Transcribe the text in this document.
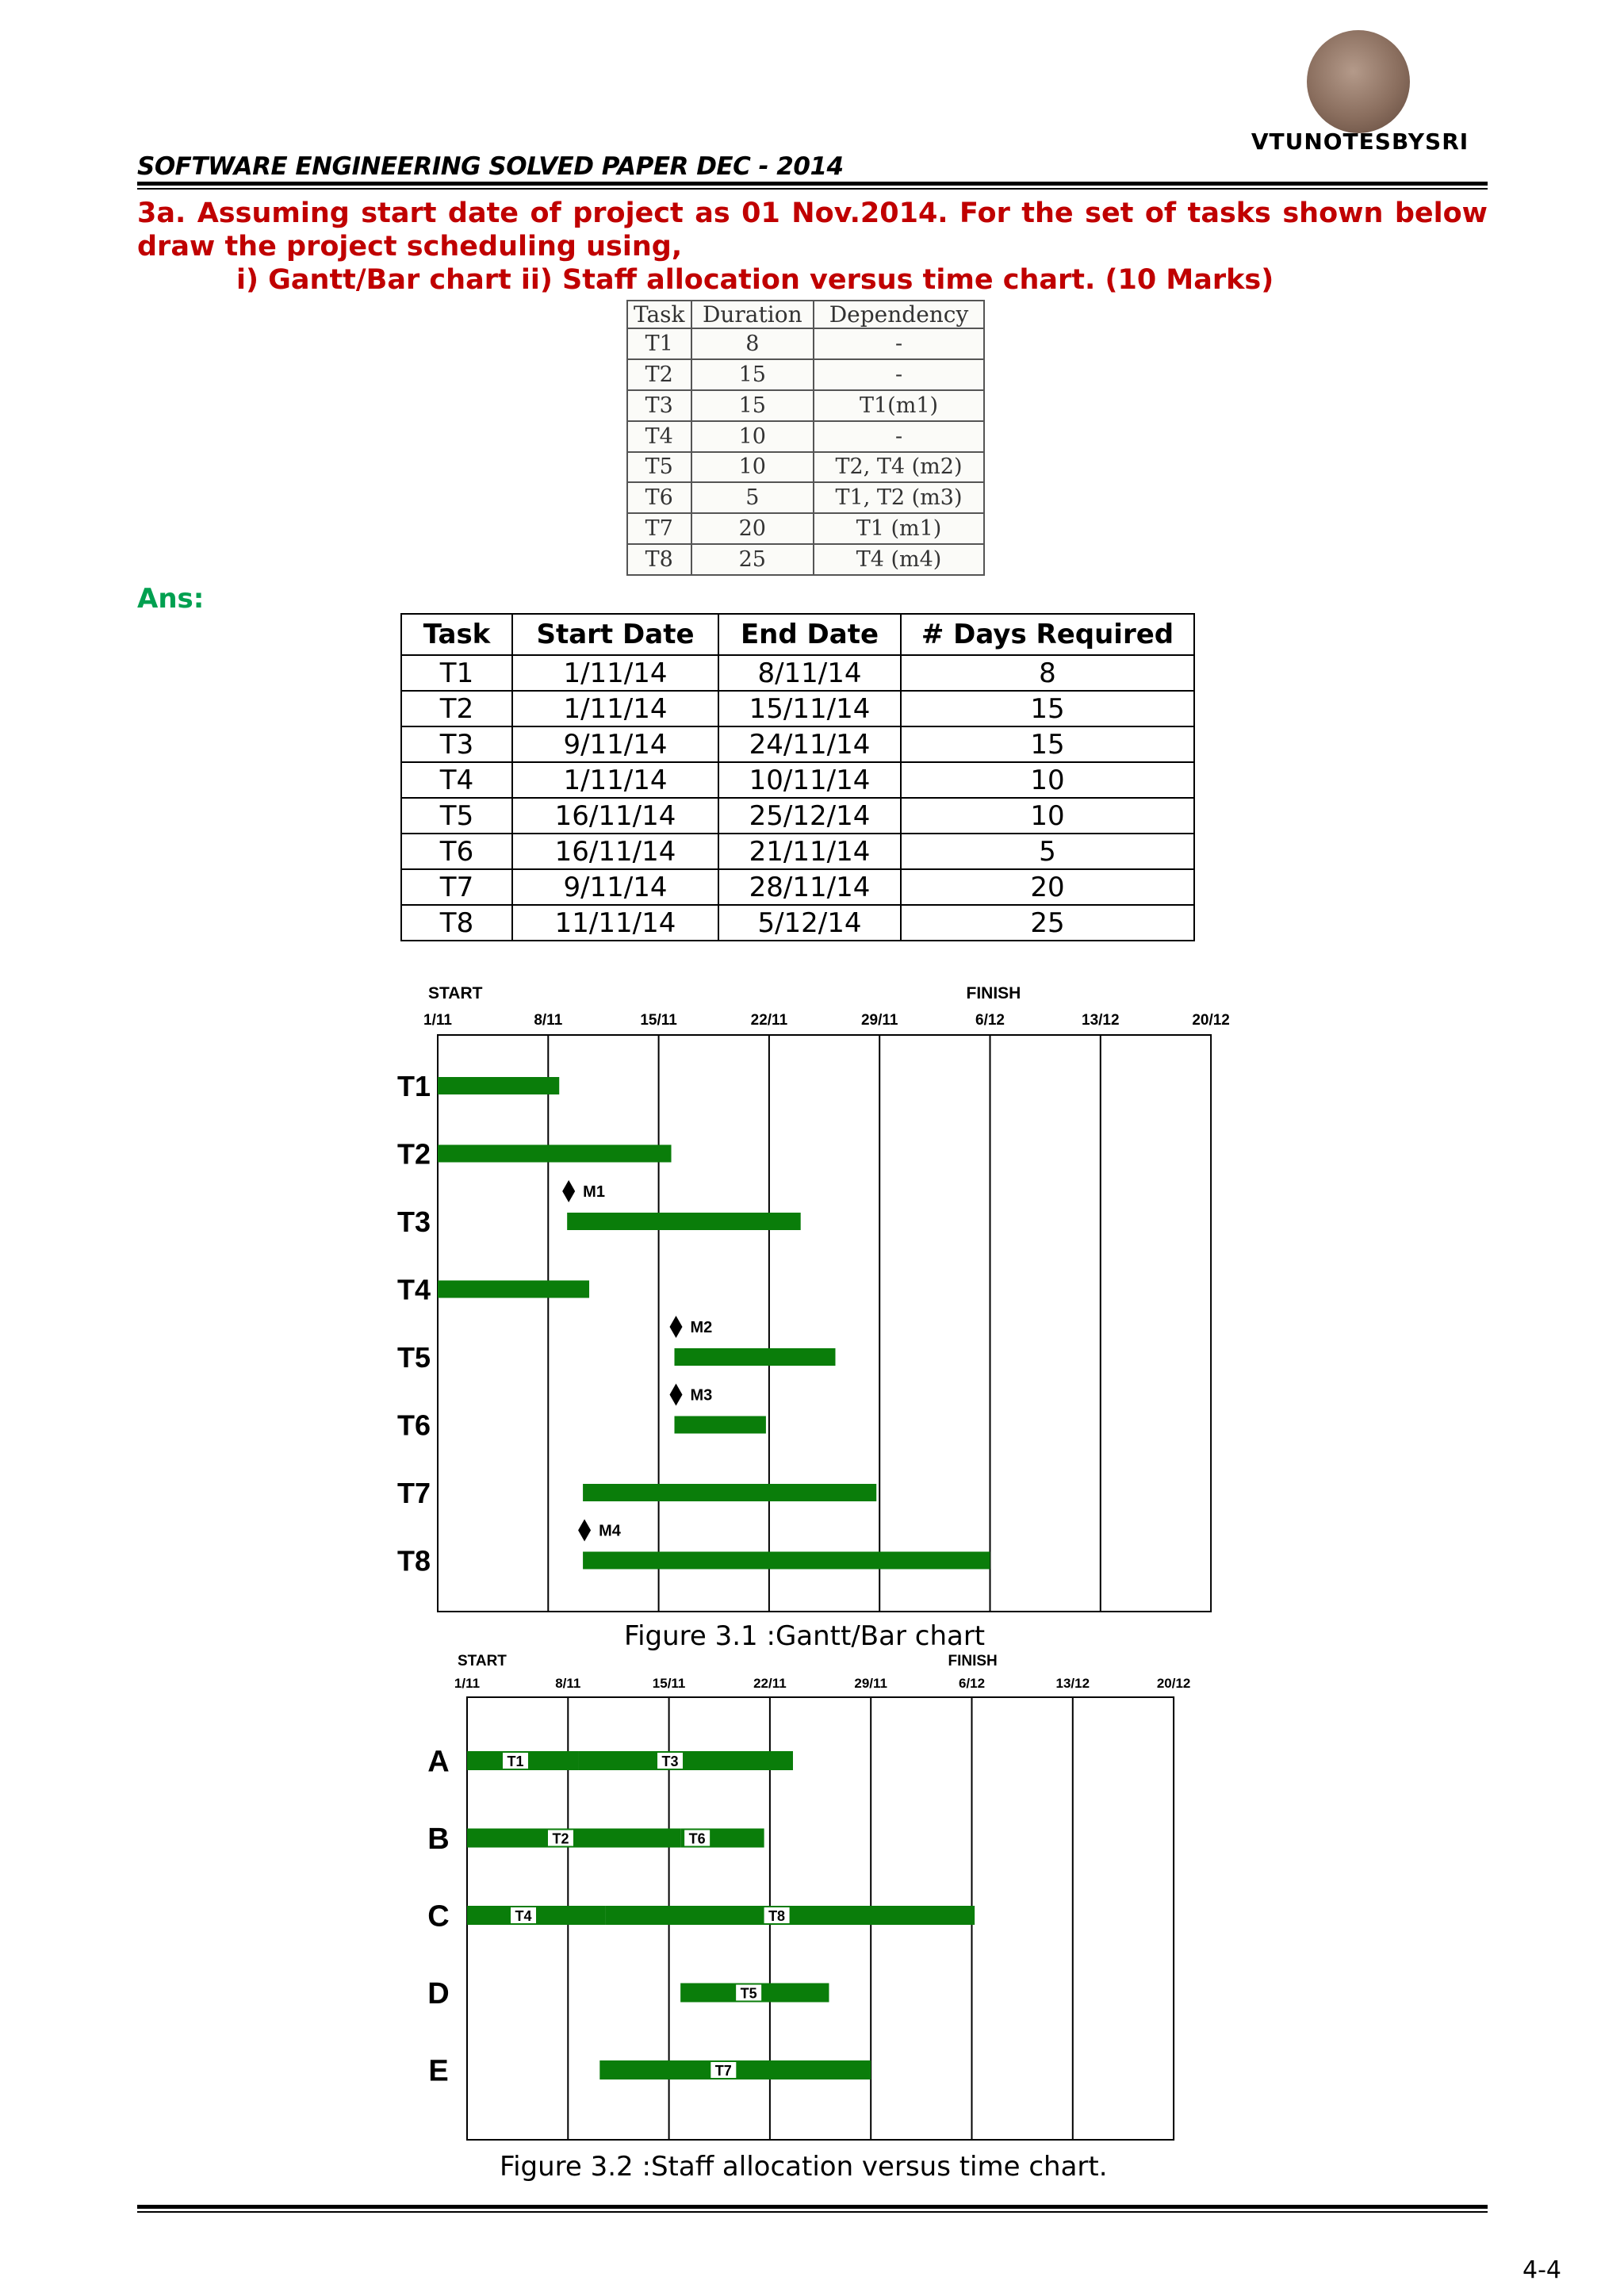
VTUNOTESBYSRI
SOFTWARE ENGINEERING SOLVED PAPER DEC - 2014
3a. Assuming start date of project as 01 Nov.2014. For the set of tasks shown below
draw the project scheduling using,
i) Gantt/Bar chart ii) Staff allocation versus time chart. (10 Marks)
Task	Duration	Dependency
T1	8	-
T2	15	-
T3	15	T1(m1)
T4	10	-
T5	10	T2, T4 (m2)
T6	5	T1, T2 (m3)
T7	20	T1 (m1)
T8	25	T4 (m4)
Ans:
Task	Start Date	End Date	# Days Required
T1	1/11/14	8/11/14	8
T2	1/11/14	15/11/14	15
T3	9/11/14	24/11/14	15
T4	1/11/14	10/11/14	10
T5	16/11/14	25/12/14	10
T6	16/11/14	21/11/14	5
T7	9/11/14	28/11/14	20
T8	11/11/14	5/12/14	25
1/11	8/11	15/11	22/11	29/11	6/12	13/12	20/12
START	FINISH
T1
T2
T3
T4
T5
T6
T7
T8
M1
M2
M3
M4
1/11	8/11	15/11	22/11	29/11	6/12	13/12	20/12
START	FINISH
A
B
C
D
E
T1	T3
T2	T6
T4	T8
T5
T7
Figure 3.1 :Gantt/Bar chart
Figure 3.2 :Staff allocation versus time chart.
4-4
